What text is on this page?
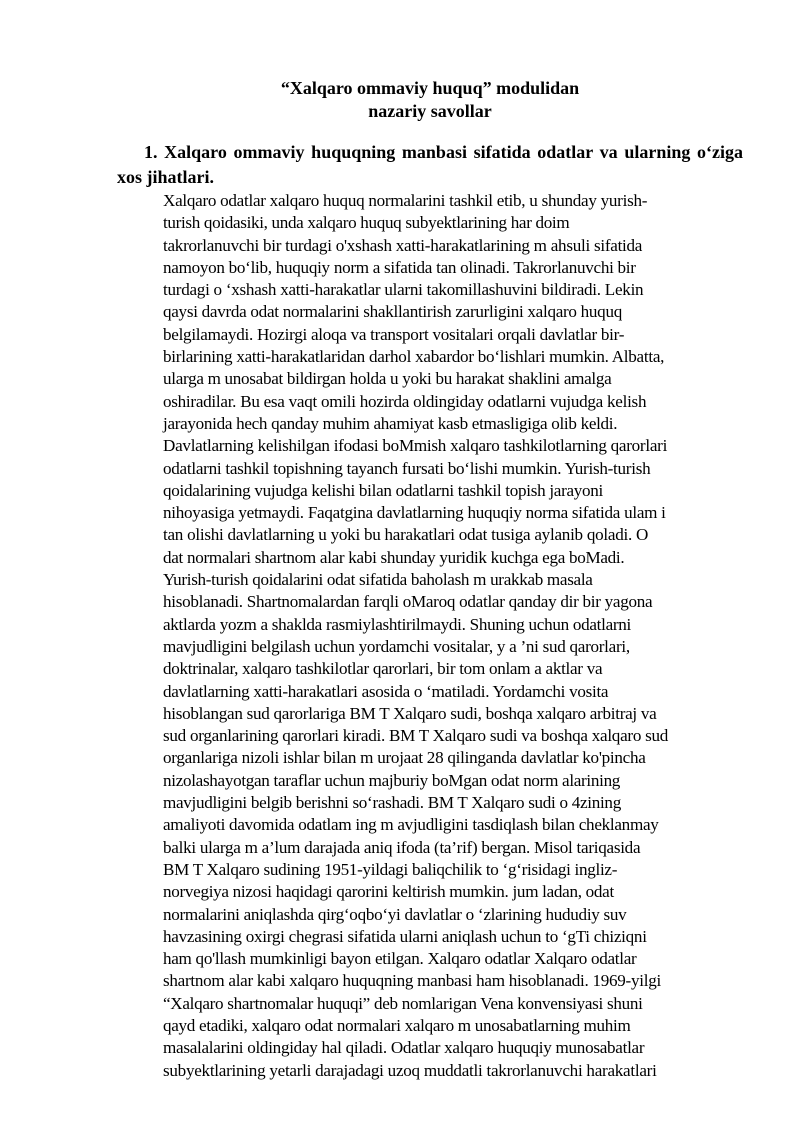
“Xalqaro ommaviy huquq” modulidan
nazariy savollar
1. Xalqaro ommaviy huquqning manbasi sifatida odatlar va ularning o‘ziga xos jihatlari.
Xalqaro odatlar xalqaro huquq normalarini tashkil etib, u shunday yurish-
turish qoidasiki, unda xalqaro huquq subyektlarining har doim
takrorlanuvchi bir turdagi o'xshash xatti-harakatlarining m ahsuli sifatida
namoyon bo‘lib, huquqiy norm a sifatida tan olinadi. Takrorlanuvchi bir
turdagi o ‘xshash xatti-harakatlar ularni takomillashuvini bildiradi. Lekin
qaysi davrda odat normalarini shakllantirish zarurligini xalqaro huquq
belgilamaydi. Hozirgi aloqa va transport vositalari orqali davlatlar bir-
birlarining xatti-harakatlaridan darhol xabardor bo‘lishlari mumkin. Albatta,
ularga m unosabat bildirgan holda u yoki bu harakat shaklini amalga
oshiradilar. Bu esa vaqt omili hozirda oldingiday odatlarni vujudga kelish
jarayonida hech qanday muhim ahamiyat kasb etmasligiga olib keldi.
Davlatlarning kelishilgan ifodasi boMmish xalqaro tashkilotlarning qarorlari
odatlarni tashkil topishning tayanch fursati bo‘lishi mumkin. Yurish-turish
qoidalarining vujudga kelishi bilan odatlarni tashkil topish jarayoni
nihoyasiga yetmaydi. Faqatgina davlatlarning huquqiy norma sifatida ulam i
tan olishi davlatlarning u yoki bu harakatlari odat tusiga aylanib qoladi. O
dat normalari shartnom alar kabi shunday yuridik kuchga ega boMadi.
Yurish-turish qoidalarini odat sifatida baholash m urakkab masala
hisoblanadi. Shartnomalardan farqli oMaroq odatlar qanday dir bir yagona
aktlarda yozm a shaklda rasmiylashtirilmaydi. Shuning uchun odatlarni
mavjudligini belgilash uchun yordamchi vositalar, y a ’ni sud qarorlari,
doktrinalar, xalqaro tashkilotlar qarorlari, bir tom onlam a aktlar va
davlatlarning xatti-harakatlari asosida o ‘matiladi. Yordamchi vosita
hisoblangan sud qarorlariga BM T Xalqaro sudi, boshqa xalqaro arbitraj va
sud organlarining qarorlari kiradi. BM T Xalqaro sudi va boshqa xalqaro sud
organlariga nizoli ishlar bilan m urojaat 28 qilinganda davlatlar ko'pincha
nizolashayotgan taraflar uchun majburiy boMgan odat norm alarining
mavjudligini belgib berishni so‘rashadi. BM T Xalqaro sudi o 4zining
amaliyoti davomida odatlam ing m avjudligini tasdiqlash bilan cheklanmay
balki ularga m a’lum darajada aniq ifoda (ta’rif) bergan. Misol tariqasida
BM T Xalqaro sudining 1951-yildagi baliqchilik to ‘g‘risidagi ingliz-
norvegiya nizosi haqidagi qarorini keltirish mumkin. jum ladan, odat
normalarini aniqlashda qirg‘oqbo‘yi davlatlar o ‘zlarining hududiy suv
havzasining oxirgi chegrasi sifatida ularni aniqlash uchun to ‘gTi chiziqni
ham qo'llash mumkinligi bayon etilgan. Xalqaro odatlar Xalqaro odatlar
shartnom alar kabi xalqaro huquqning manbasi ham hisoblanadi. 1969-yilgi
“Xalqaro shartnomalar huquqi” deb nomlarigan Vena konvensiyasi shuni
qayd etadiki, xalqaro odat normalari xalqaro m unosabatlarning muhim
masalalarini oldingiday hal qiladi. Odatlar xalqaro huquqiy munosabatlar
subyektlarining yetarli darajadagi uzoq muddatli takrorlanuvchi harakatlari
